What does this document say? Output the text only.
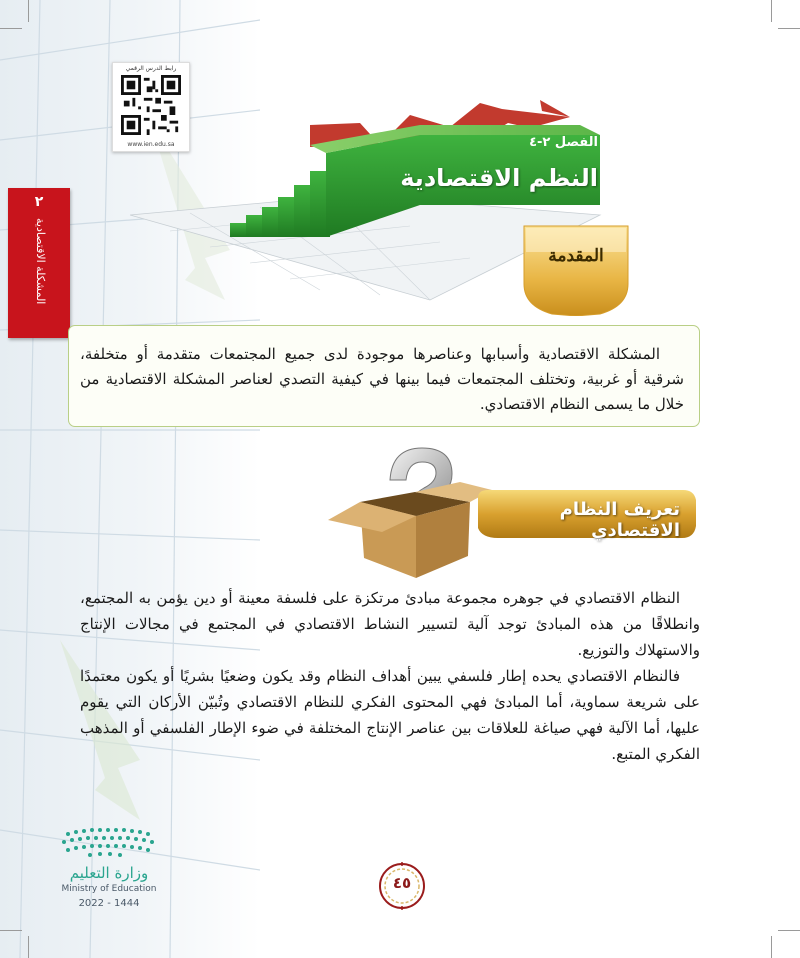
رابط الدرس الرقمي
www.ien.edu.sa
٢
المشكلة الاقتصادية
الفصل ٢-٤
النظم الاقتصادية
المقدمة

المشكلة الاقتصادية وأسبابها وعناصرها موجودة لدى جميع المجتمعات متقدمة أو متخلفة، شرقية أو غربية، وتختلف المجتمعات فيما بينها في كيفية التصدي لعناصر المشكلة الاقتصادية من خلال ما يسمى النظام الاقتصادي.

تعريف النظام الاقتصادي

النظام الاقتصادي في جوهره مجموعة مبادئ مرتكزة على فلسفة معينة أو دين يؤمن به المجتمع، وانطلاقًا من هذه المبادئ توجد آلية لتسيير النشاط الاقتصادي في المجتمع في مجالات الإنتاج والاستهلاك والتوزيع.

فالنظام الاقتصادي يحده إطار فلسفي يبين أهداف النظام وقد يكون وضعيًا بشريًا أو يكون معتمدًا على شريعة سماوية، أما المبادئ فهي المحتوى الفكري للنظام الاقتصادي وتُبيّن الأركان التي يقوم عليها، أما الآلية فهي صياغة للعلاقات بين عناصر الإنتاج المختلفة في ضوء الإطار الفلسفي أو المذهب الفكري المتبع.

وزارة التعليم
Ministry of Education
2022 - 1444
٤٥
